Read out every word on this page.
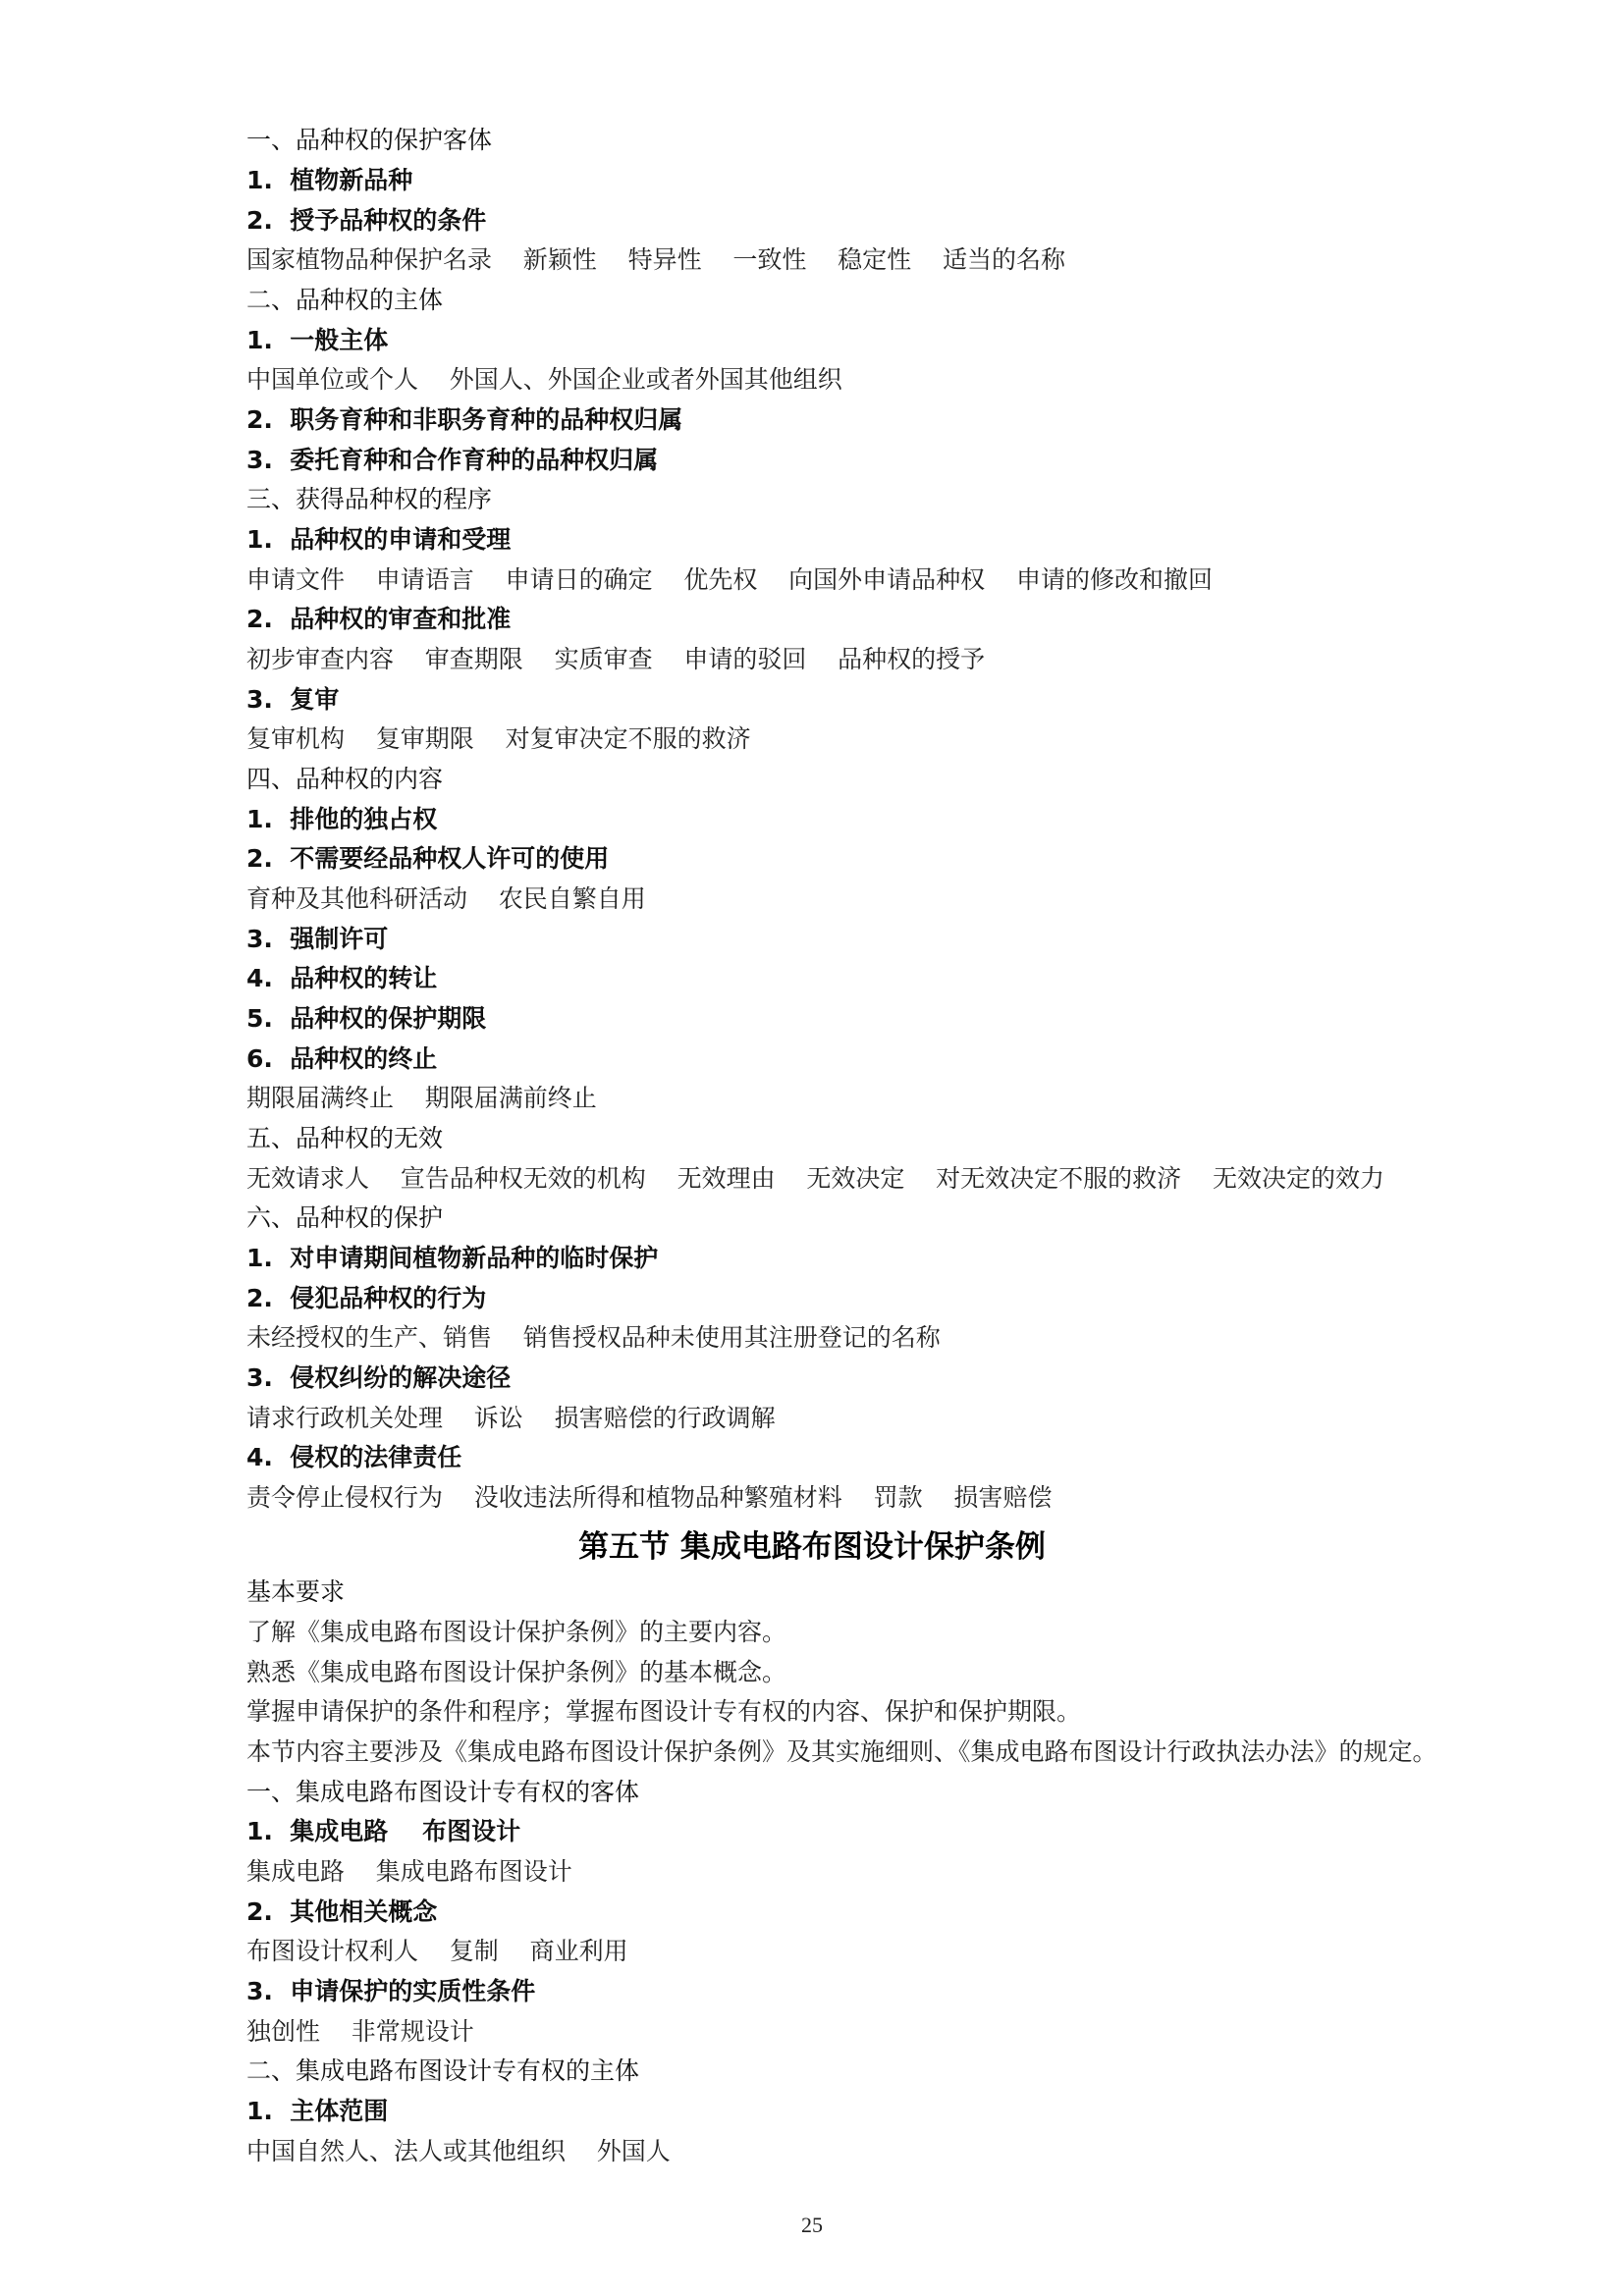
一、品种权的保护客体
1.  植物新品种
2.  授予品种权的条件
国家植物品种保护名录    新颖性    特异性    一致性    稳定性    适当的名称
二、品种权的主体
1.  一般主体
中国单位或个人    外国人、外国企业或者外国其他组织
2.  职务育种和非职务育种的品种权归属
3.  委托育种和合作育种的品种权归属
三、获得品种权的程序
1.  品种权的申请和受理
申请文件    申请语言    申请日的确定    优先权    向国外申请品种权    申请的修改和撤回
2.  品种权的审查和批准
初步审查内容    审查期限    实质审查    申请的驳回    品种权的授予
3.  复审
复审机构    复审期限    对复审决定不服的救济
四、品种权的内容
1.  排他的独占权
2.  不需要经品种权人许可的使用
育种及其他科研活动    农民自繁自用
3.  强制许可
4.  品种权的转让
5.  品种权的保护期限
6.  品种权的终止
期限届满终止    期限届满前终止
五、品种权的无效
无效请求人    宣告品种权无效的机构    无效理由    无效决定    对无效决定不服的救济    无效决定的效力
六、品种权的保护
1.  对申请期间植物新品种的临时保护
2.  侵犯品种权的行为
未经授权的生产、销售    销售授权品种未使用其注册登记的名称
3.  侵权纠纷的解决途径
请求行政机关处理    诉讼    损害赔偿的行政调解
4.  侵权的法律责任
责令停止侵权行为    没收违法所得和植物品种繁殖材料    罚款    损害赔偿
第五节 集成电路布图设计保护条例
基本要求
了解《集成电路布图设计保护条例》的主要内容。
熟悉《集成电路布图设计保护条例》的基本概念。
掌握申请保护的条件和程序；掌握布图设计专有权的内容、保护和保护期限。
本节内容主要涉及《集成电路布图设计保护条例》及其实施细则、《集成电路布图设计行政执法办法》的规定。
一、集成电路布图设计专有权的客体
1.  集成电路    布图设计
集成电路    集成电路布图设计
2.  其他相关概念
布图设计权利人    复制    商业利用
3.  申请保护的实质性条件
独创性    非常规设计
二、集成电路布图设计专有权的主体
1.  主体范围
中国自然人、法人或其他组织    外国人
25
